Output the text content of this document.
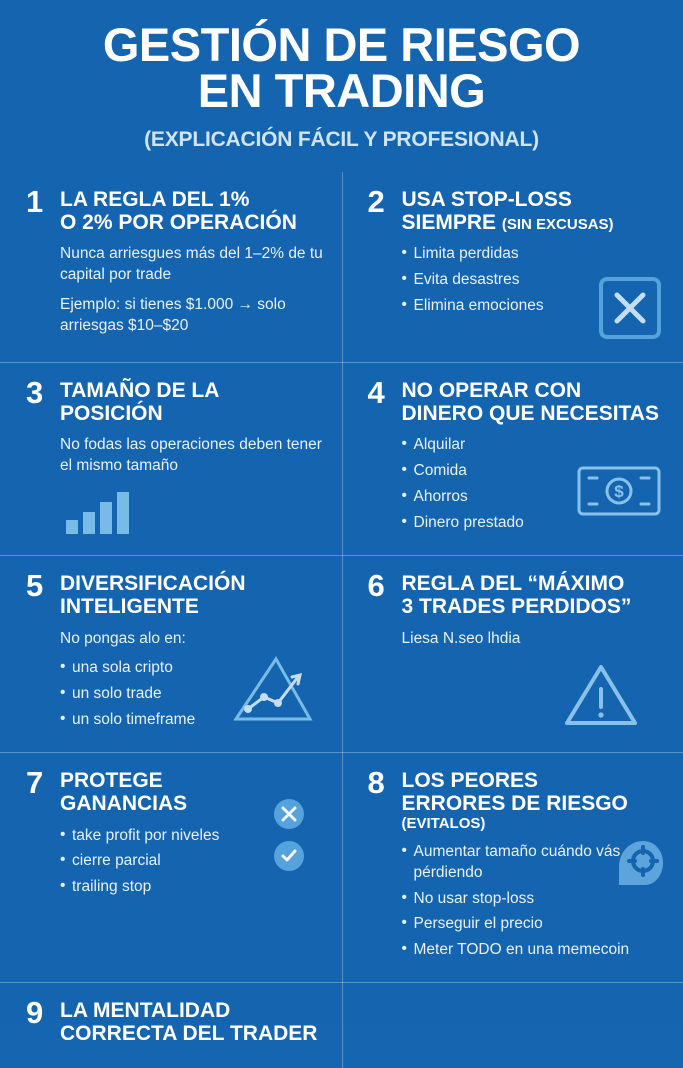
GESTIÓN DE RIESGO
EN TRADING
(EXPLICACIÓN FÁCIL Y PROFESIONAL)
1 LA REGLA DEL 1%
O 2% POR OPERACIÓN

Nunca arriesgues más del 1–2% de tu capital por trade

Ejemplo: si tienes $1.000 → solo arriesgas $10–$20

2 USA STOP-LOSS
SIEMPRE (SIN EXCUSAS)
• Limita perdidas
• Evita desastres
• Elimina emociones
3 TAMAÑO DE LA
POSICIÓN

No fodas las operaciones deben tener el mismo tamaño

4 NO OPERAR CON
DINERO QUE NECESITAS
• Alquilar
• Comida
• Ahorros
• Dinero prestado
$
5 DIVERSIFICACIÓN
INTELIGENTE

No pongas alo en:

• una sola cripto
• un solo trade
• un solo timeframe
6 REGLA DEL “MÁXIMO
3 TRADES PERDIDOS”

Liesa N.seo lhdia

7 PROTEGE
GANANCIAS
• take profit por niveles
• cierre parcial
• trailing stop
8 LOS PEORES
ERRORES DE RIESGO
(EVITALOS)
• Aumentar tamaño cuándo vás pérdiendo
• No usar stop-loss
• Perseguir el precio
• Meter TODO en una memecoin
9 LA MENTALIDAD
CORRECTA DEL TRADER
